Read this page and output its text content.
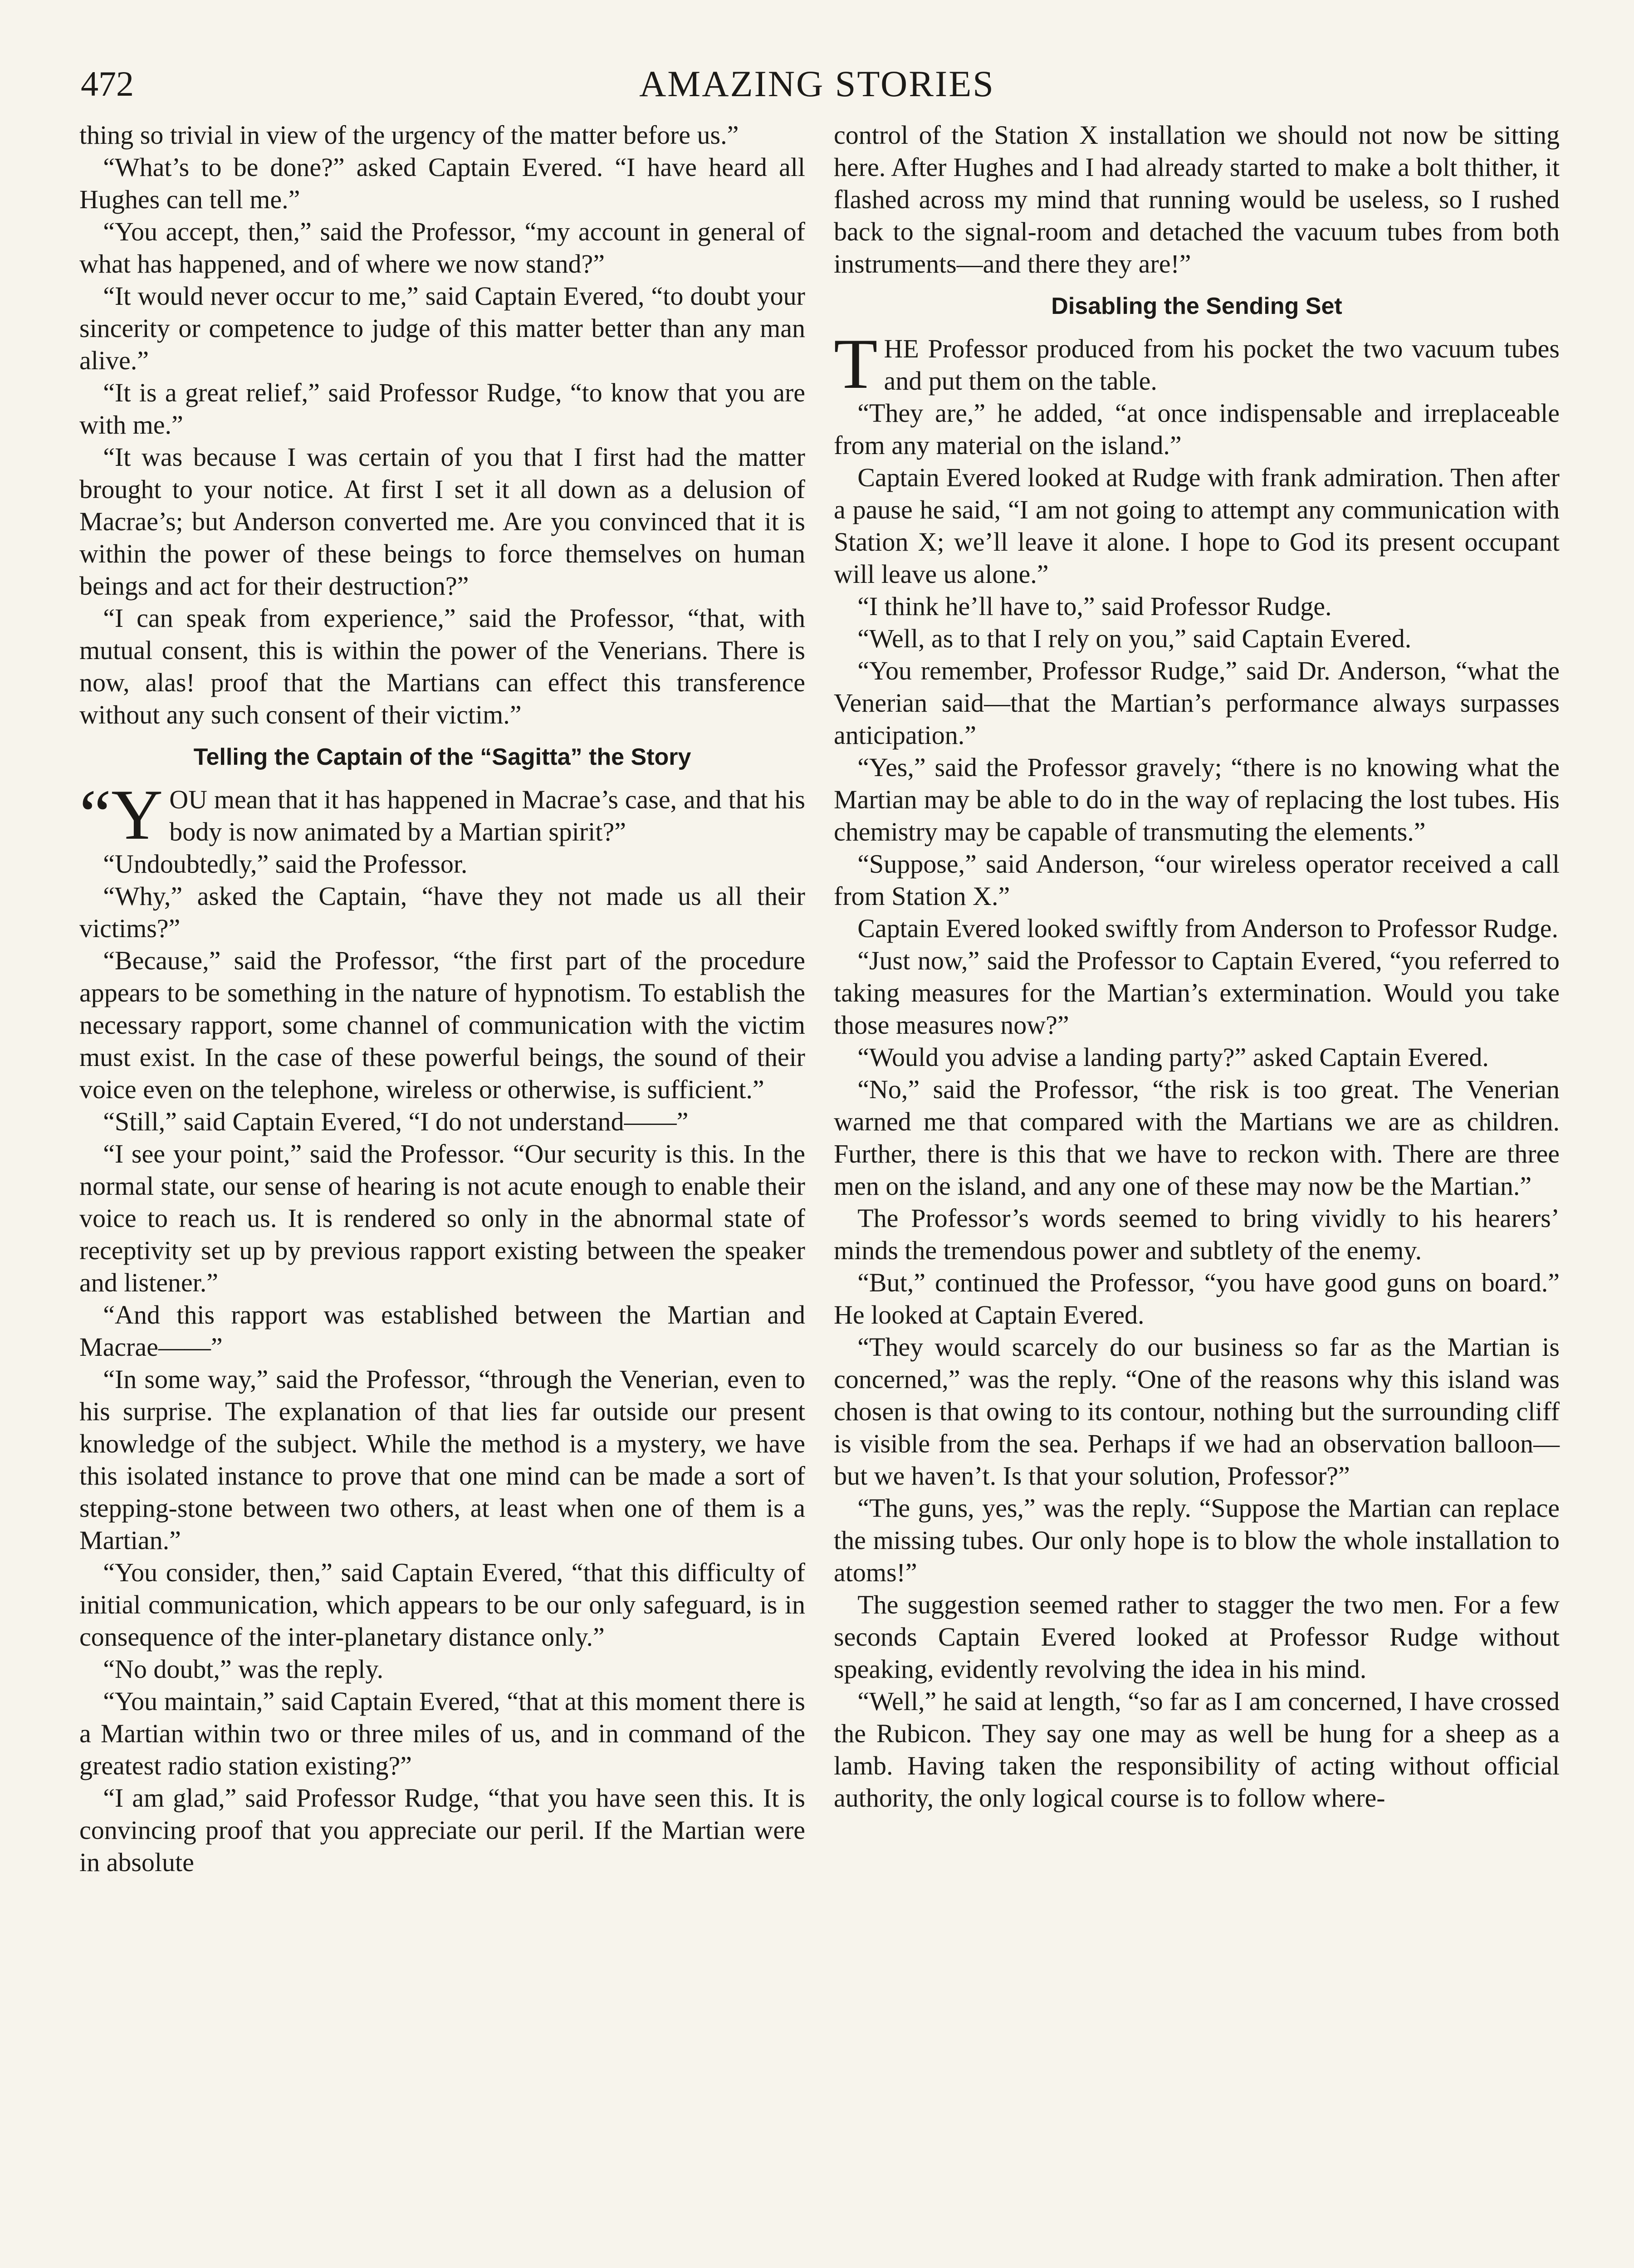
472	AMAZING STORIES

thing so trivial in view of the urgency of the matter before us.”

“What’s to be done?” asked Captain Evered. “I have heard all Hughes can tell me.”

“You accept, then,” said the Professor, “my account in general of what has happened, and of where we now stand?”

“It would never occur to me,” said Captain Evered, “to doubt your sincerity or competence to judge of this matter better than any man alive.”

“It is a great relief,” said Professor Rudge, “to know that you are with me.”

“It was because I was certain of you that I first had the matter brought to your notice. At first I set it all down as a delusion of Macrae’s; but Anderson converted me. Are you convinced that it is within the power of these beings to force themselves on human beings and act for their destruction?”

“I can speak from experience,” said the Professor, “that, with mutual consent, this is within the power of the Venerians. There is now, alas! proof that the Martians can effect this transference without any such consent of their victim.”

Telling the Captain of the “Sagitta” the Story

“YOU mean that it has happened in Macrae’s case, and that his body is now animated by a Martian spirit?”

“Undoubtedly,” said the Professor.

“Why,” asked the Captain, “have they not made us all their victims?”

“Because,” said the Professor, “the first part of the procedure appears to be something in the nature of hypnotism. To establish the necessary rapport, some channel of communication with the victim must exist. In the case of these powerful beings, the sound of their voice even on the telephone, wireless or otherwise, is sufficient.”

“Still,” said Captain Evered, “I do not understand——”

“I see your point,” said the Professor. “Our security is this. In the normal state, our sense of hearing is not acute enough to enable their voice to reach us. It is rendered so only in the abnormal state of receptivity set up by previous rapport existing between the speaker and listener.”

“And this rapport was established between the Martian and Macrae——”

“In some way,” said the Professor, “through the Venerian, even to his surprise. The explanation of that lies far outside our present knowledge of the subject. While the method is a mystery, we have this isolated instance to prove that one mind can be made a sort of stepping-stone between two others, at least when one of them is a Martian.”

“You consider, then,” said Captain Evered, “that this difficulty of initial communication, which appears to be our only safeguard, is in consequence of the inter-planetary distance only.”

“No doubt,” was the reply.

“You maintain,” said Captain Evered, “that at this moment there is a Martian within two or three miles of us, and in command of the greatest radio station existing?”

“I am glad,” said Professor Rudge, “that you have seen this. It is convincing proof that you appreciate our peril. If the Martian were in absolute

control of the Station X installation we should not now be sitting here. After Hughes and I had already started to make a bolt thither, it flashed across my mind that running would be useless, so I rushed back to the signal-room and detached the vacuum tubes from both instruments—and there they are!”

Disabling the Sending Set

THE Professor produced from his pocket the two vacuum tubes and put them on the table.

“They are,” he added, “at once indispensable and irreplaceable from any material on the island.”

Captain Evered looked at Rudge with frank admiration. Then after a pause he said, “I am not going to attempt any communication with Station X; we’ll leave it alone. I hope to God its present occupant will leave us alone.”

“I think he’ll have to,” said Professor Rudge.

“Well, as to that I rely on you,” said Captain Evered.

“You remember, Professor Rudge,” said Dr. Anderson, “what the Venerian said—that the Martian’s performance always surpasses anticipation.”

“Yes,” said the Professor gravely; “there is no knowing what the Martian may be able to do in the way of replacing the lost tubes. His chemistry may be capable of transmuting the elements.”

“Suppose,” said Anderson, “our wireless operator received a call from Station X.”

Captain Evered looked swiftly from Anderson to Professor Rudge.

“Just now,” said the Professor to Captain Evered, “you referred to taking measures for the Martian’s extermination. Would you take those measures now?”

“Would you advise a landing party?” asked Captain Evered.

“No,” said the Professor, “the risk is too great. The Venerian warned me that compared with the Martians we are as children. Further, there is this that we have to reckon with. There are three men on the island, and any one of these may now be the Martian.”

The Professor’s words seemed to bring vividly to his hearers’ minds the tremendous power and subtlety of the enemy.

“But,” continued the Professor, “you have good guns on board.” He looked at Captain Evered.

“They would scarcely do our business so far as the Martian is concerned,” was the reply. “One of the reasons why this island was chosen is that owing to its contour, nothing but the surrounding cliff is visible from the sea. Perhaps if we had an observation balloon—but we haven’t. Is that your solution, Professor?”

“The guns, yes,” was the reply. “Suppose the Martian can replace the missing tubes. Our only hope is to blow the whole installation to atoms!”

The suggestion seemed rather to stagger the two men. For a few seconds Captain Evered looked at Professor Rudge without speaking, evidently revolving the idea in his mind.

“Well,” he said at length, “so far as I am concerned, I have crossed the Rubicon. They say one may as well be hung for a sheep as a lamb. Having taken the responsibility of acting without official authority, the only logical course is to follow where-
